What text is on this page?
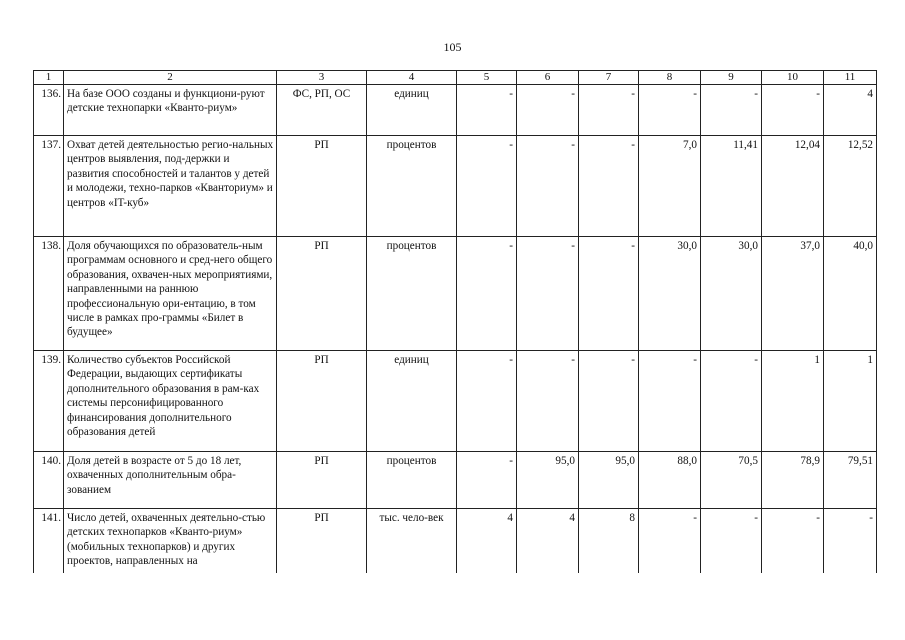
105
1	2	3	4	5	6	7	8	9	10	11
136.	На базе ООО созданы и функциони-руют детские технопарки «Кванто-риум»	ФС, РП, ОС	единиц	-	-	-	-	-	-	4
137.	Охват детей деятельностью регио-нальных центров выявления, под-держки и развития способностей и талантов у детей и молодежи, техно-парков «Кванториум» и центров «IT-куб»	РП	процентов	-	-	-	7,0	11,41	12,04	12,52
138.	Доля обучающихся по образователь-ным программам основного и сред-него общего образования, охвачен-ных мероприятиями, направленными на раннюю профессиональную ори-ентацию, в том числе в рамках про-граммы «Билет в будущее»	РП	процентов	-	-	-	30,0	30,0	37,0	40,0
139.	Количество субъектов Российской Федерации, выдающих сертификаты дополнительного образования в рам-ках системы персонифицированного финансирования дополнительного образования детей	РП	единиц	-	-	-	-	-	1	1
140.	Доля детей в возрасте от 5 до 18 лет, охваченных дополнительным обра-зованием	РП	процентов	-	95,0	95,0	88,0	70,5	78,9	79,51
141.	Число детей, охваченных деятельно-стью детских технопарков «Кванто-риум» (мобильных технопарков) и других проектов, направленных на	РП	тыс. чело-век	4	4	8	-	-	-	-
